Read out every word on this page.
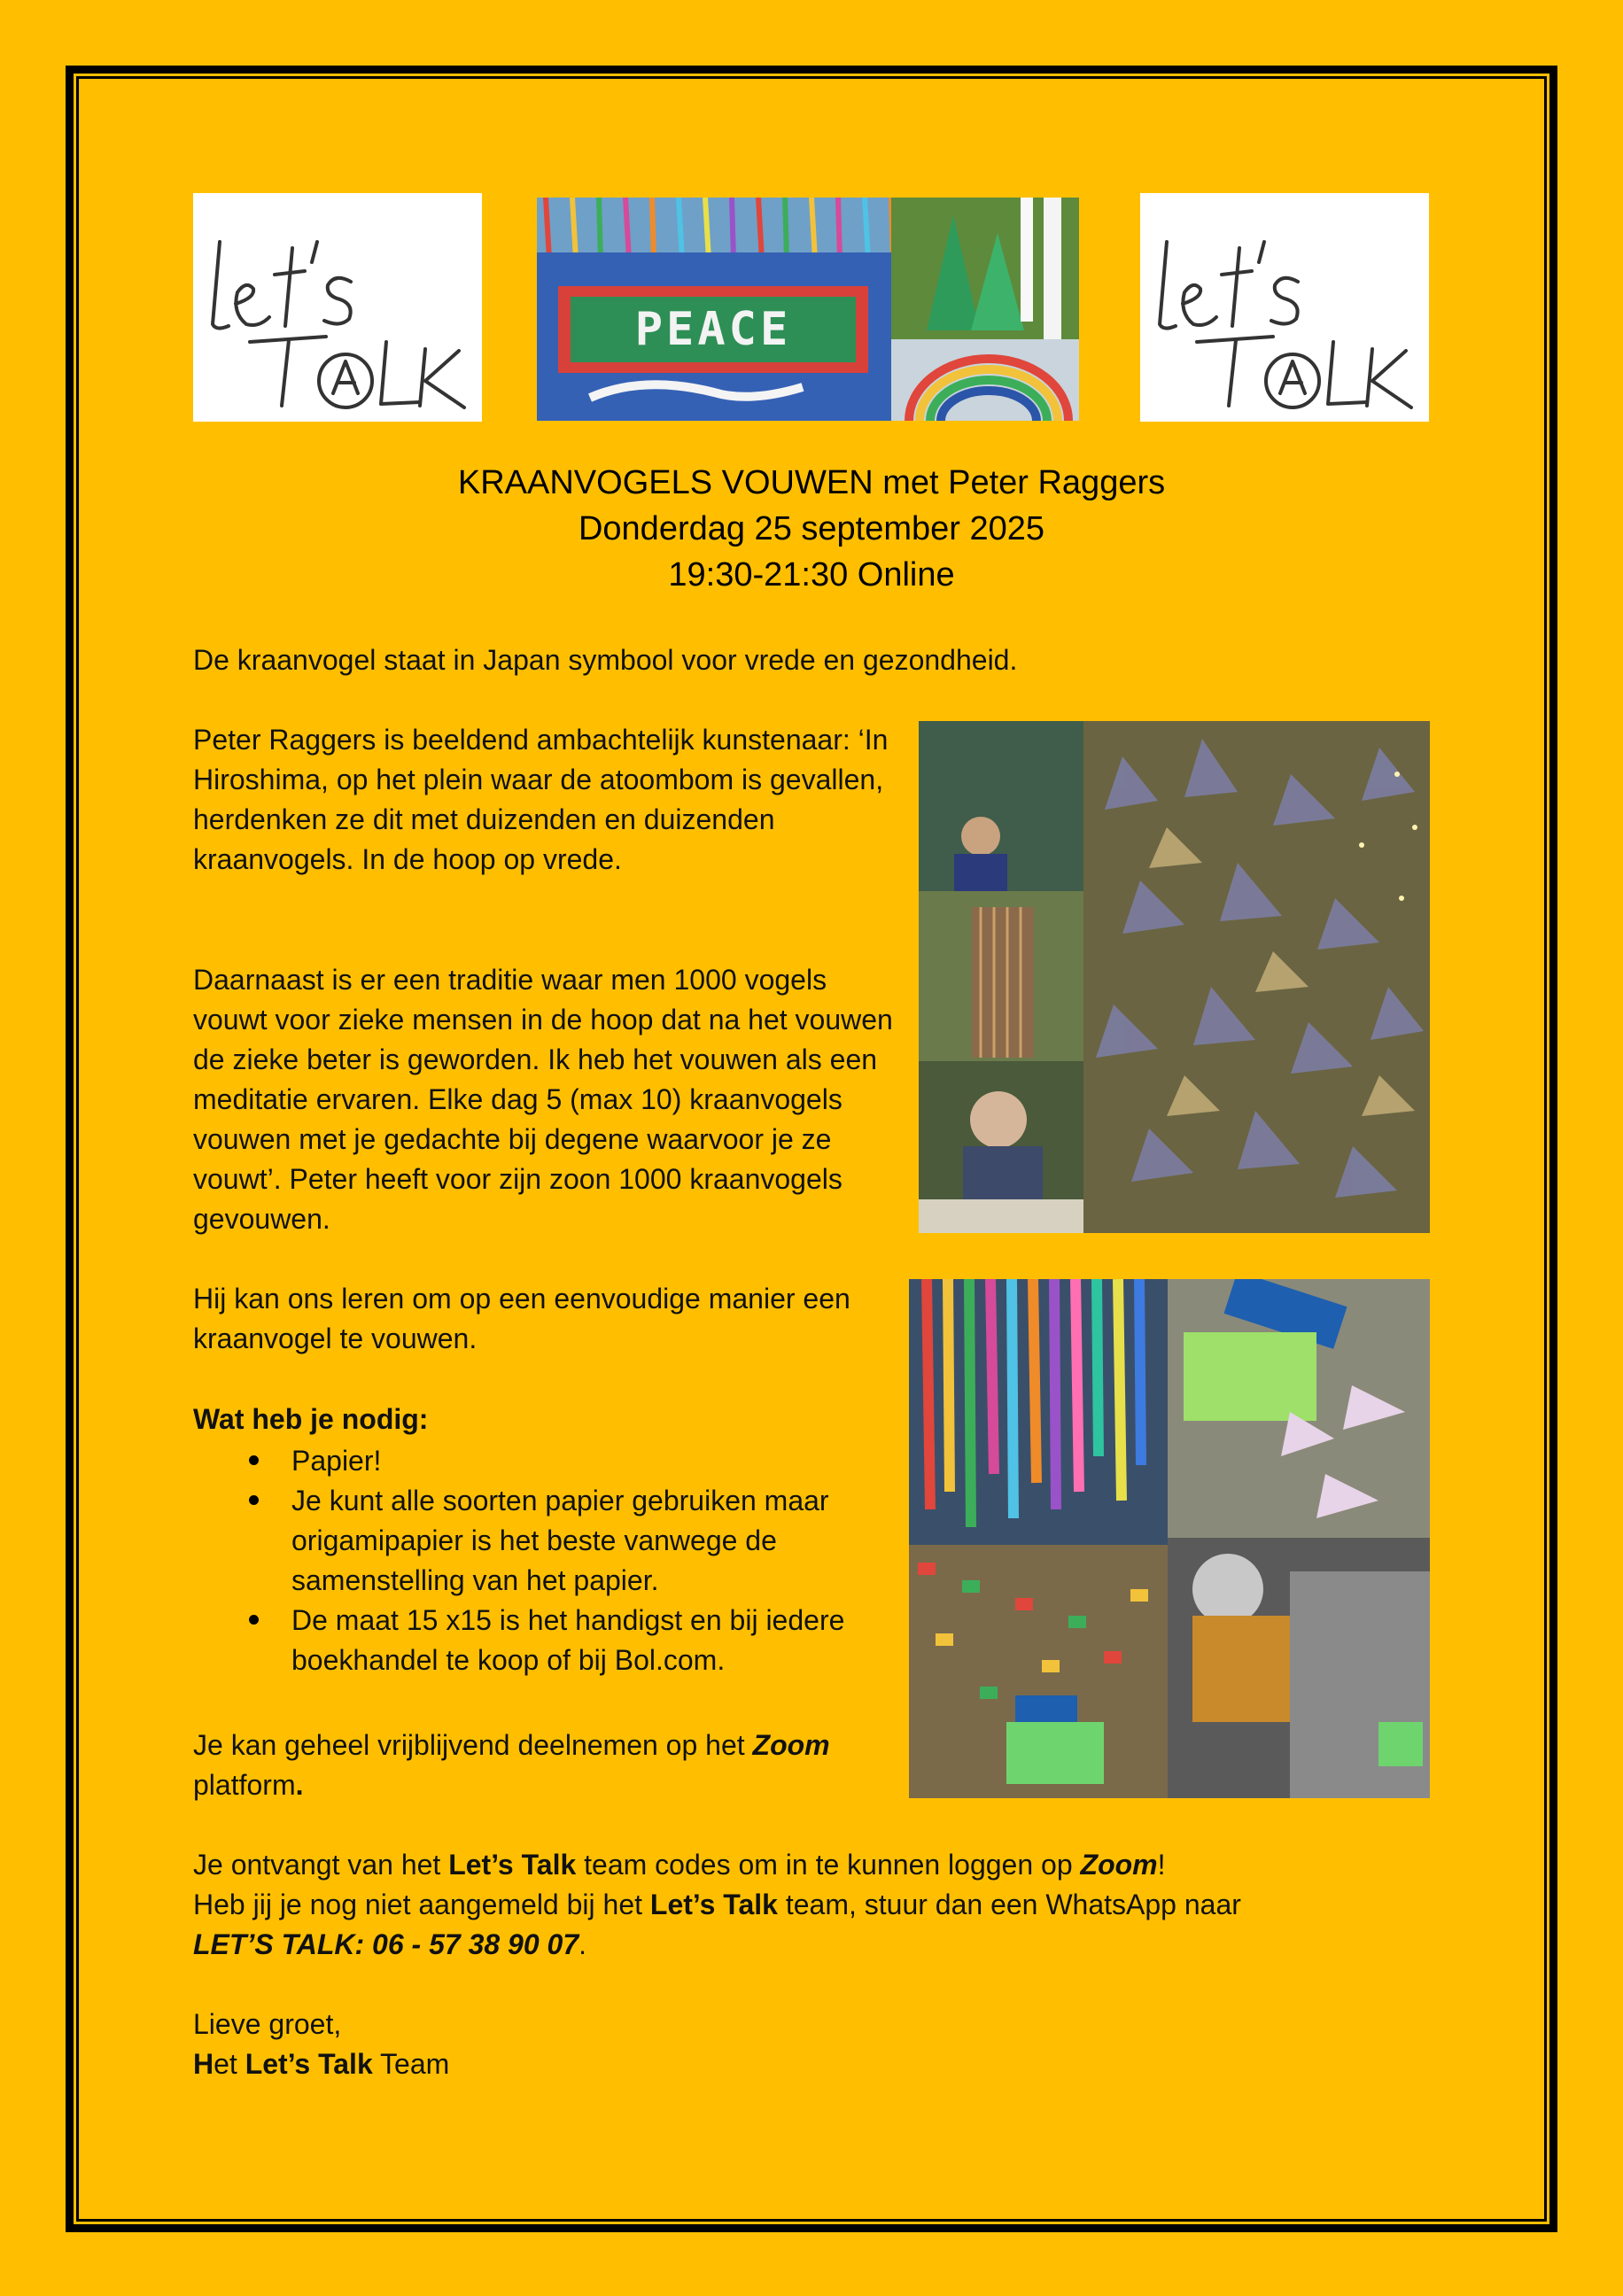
PEACE
KRAANVOGELS VOUWEN met Peter Raggers
Donderdag 25 september 2025
19:30-21:30 Online

De kraanvogel staat in Japan symbool voor vrede en gezondheid.

Peter Raggers is beeldend ambachtelijk kunstenaar: ‘In Hiroshima, op het plein waar de atoombom is gevallen, herdenken ze dit met duizenden en duizenden kraanvogels. In de hoop op vrede.

Daarnaast is er een traditie waar men 1000 vogels vouwt voor zieke mensen in de hoop dat na het vouwen de zieke beter is geworden. Ik heb het vouwen als een meditatie ervaren. Elke dag 5 (max 10) kraanvogels vouwen met je gedachte bij degene waarvoor je ze vouwt’. Peter heeft voor zijn zoon 1000 kraanvogels gevouwen.

Hij kan ons leren om op een eenvoudige manier een kraanvogel te vouwen.

Wat heb je nodig:

Papier!
Je kunt alle soorten papier gebruiken maar origamipapier is het beste vanwege de samenstelling van het papier.
De maat 15 x15 is het handigst en bij iedere boekhandel te koop of bij Bol.com.

Je kan geheel vrijblijvend deelnemen op het Zoom
platform.

Je ontvangt van het Let’s Talk team codes om in te kunnen loggen op Zoom!

Heb jij je nog niet aangemeld bij het Let’s Talk team, stuur dan een WhatsApp naar

LET’S TALK: 06 - 57 38 90 07.

Lieve groet,

Het Let’s Talk Team
